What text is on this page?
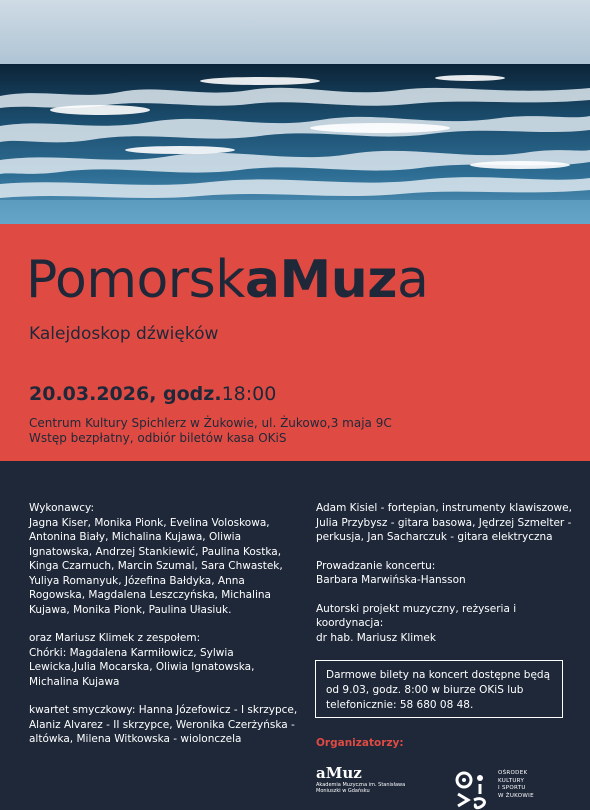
PomorskaMuza
Kalejdoskop dźwięków
20.03.2026, godz.18:00
Centrum Kultury Spichlerz w Żukowie, ul. Żukowo,3 maja 9C
Wstęp bezpłatny, odbiór biletów kasa OKiS

Wykonawcy:

Jagna Kiser, Monika Pionk, Evelina Voloskowa, Antonina Biały, Michalina Kujawa, Oliwia Ignatowska, Andrzej Stankiewić, Paulina Kostka, Kinga Czarnuch, Marcin Szumal, Sara Chwastek, Yuliya Romanyuk, Józefina Bałdyka, Anna Rogowska, Magdalena Leszczyńska, Michalina Kujawa, Monika Pionk, Paulina Ułasiuk.

oraz Mariusz Klimek z zespołem:

Chórki: Magdalena Karmiłowicz, Sylwia Lewicka,Julia Mocarska, Oliwia Ignatowska, Michalina Kujawa

kwartet smyczkowy: Hanna Józefowicz - I skrzypce, Alaniz Alvarez - II skrzypce, Weronika Czerżyńska - altówka, Milena Witkowska - wiolonczela

Adam Kisiel - fortepian, instrumenty klawiszowe, Julia Przybysz - gitara basowa, Jędrzej Szmelter - perkusja, Jan Sacharczuk - gitara elektryczna

Prowadzanie koncertu:

Barbara Marwińska-Hansson

Autorski projekt muzyczny, reżyseria i koordynacja:

dr hab. Mariusz Klimek

Darmowe bilety na koncert dostępne będą od 9.03, godz. 8:00 w biurze OKiS lub telefonicznie: 58 680 08 48.
Organizatorzy:
aMuz
Akademia Muzyczna im. Stanisława Moniuszki w Gdańsku
OŚRODEK
KULTURY
I SPORTU
W ŻUKOWIE
